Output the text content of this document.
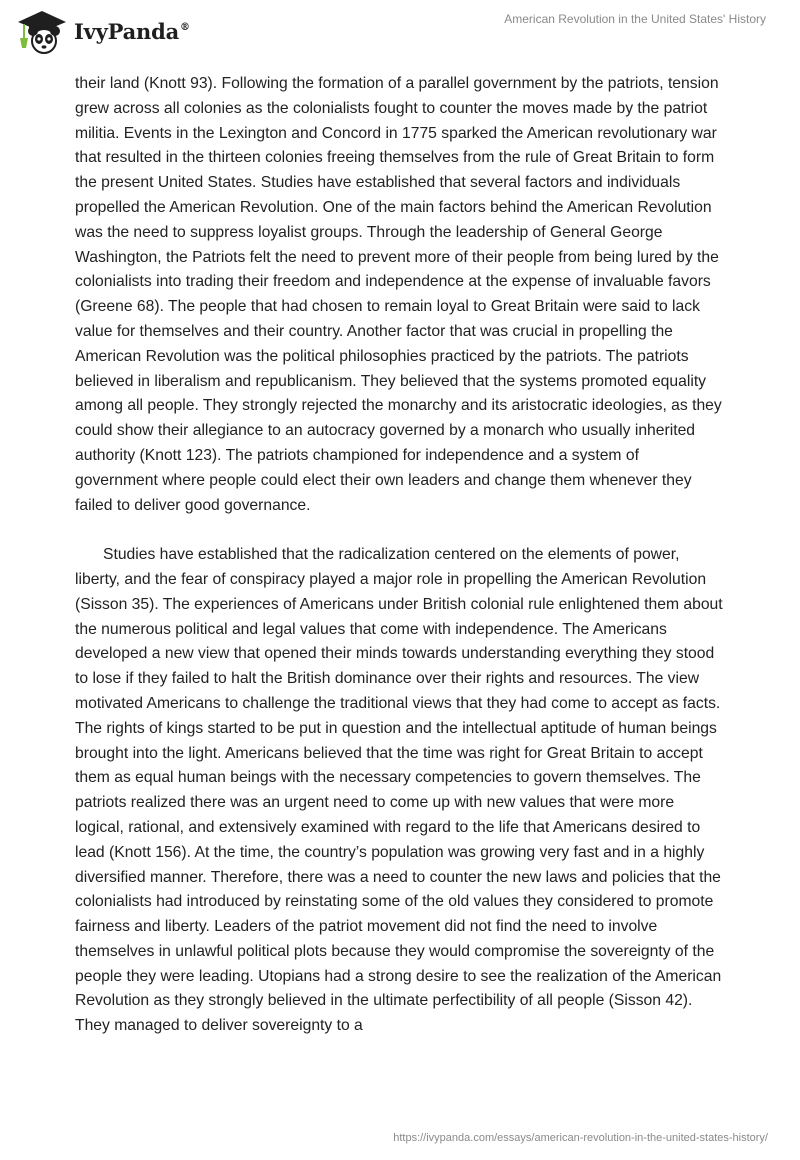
IvyPanda®
American Revolution in the United States' History

their land (Knott 93). Following the formation of a parallel government by the patriots, tension grew across all colonies as the colonialists fought to counter the moves made by the patriot militia. Events in the Lexington and Concord in 1775 sparked the American revolutionary war that resulted in the thirteen colonies freeing themselves from the rule of Great Britain to form the present United States. Studies have established that several factors and individuals propelled the American Revolution. One of the main factors behind the American Revolution was the need to suppress loyalist groups. Through the leadership of General George Washington, the Patriots felt the need to prevent more of their people from being lured by the colonialists into trading their freedom and independence at the expense of invaluable favors (Greene 68). The people that had chosen to remain loyal to Great Britain were said to lack value for themselves and their country. Another factor that was crucial in propelling the American Revolution was the political philosophies practiced by the patriots. The patriots believed in liberalism and republicanism. They believed that the systems promoted equality among all people. They strongly rejected the monarchy and its aristocratic ideologies, as they could show their allegiance to an autocracy governed by a monarch who usually inherited authority (Knott 123). The patriots championed for independence and a system of government where people could elect their own leaders and change them whenever they failed to deliver good governance.

Studies have established that the radicalization centered on the elements of power, liberty, and the fear of conspiracy played a major role in propelling the American Revolution (Sisson 35). The experiences of Americans under British colonial rule enlightened them about the numerous political and legal values that come with independence. The Americans developed a new view that opened their minds towards understanding everything they stood to lose if they failed to halt the British dominance over their rights and resources. The view motivated Americans to challenge the traditional views that they had come to accept as facts. The rights of kings started to be put in question and the intellectual aptitude of human beings brought into the light. Americans believed that the time was right for Great Britain to accept them as equal human beings with the necessary competencies to govern themselves. The patriots realized there was an urgent need to come up with new values that were more logical, rational, and extensively examined with regard to the life that Americans desired to lead (Knott 156). At the time, the country’s population was growing very fast and in a highly diversified manner. Therefore, there was a need to counter the new laws and policies that the colonialists had introduced by reinstating some of the old values they considered to promote fairness and liberty. Leaders of the patriot movement did not find the need to involve themselves in unlawful political plots because they would compromise the sovereignty of the people they were leading. Utopians had a strong desire to see the realization of the American Revolution as they strongly believed in the ultimate perfectibility of all people (Sisson 42). They managed to deliver sovereignty to a

https://ivypanda.com/essays/american-revolution-in-the-united-states-history/
